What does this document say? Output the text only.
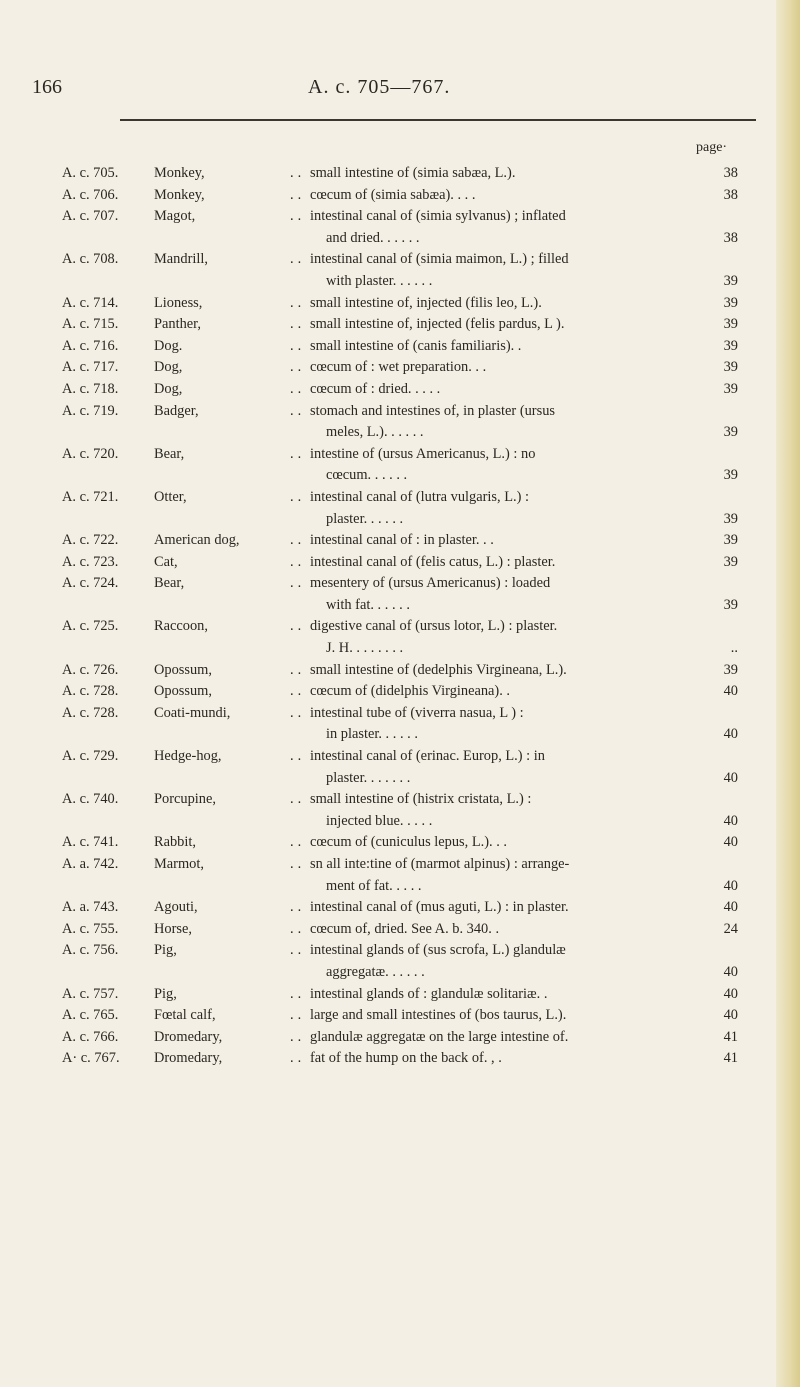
166	A. c. 705—767.
page·
A. c. 705. Monkey,	.. small intestine of (simia sabæa, L.).	38
A. c. 706. Monkey,	.. cœcum of (simia sabæa). . . .	38
A. c. 707. Magot,	.. intestinal canal of (simia sylvanus) ; inflated
and dried. . . . . .	38
A. c. 708. Mandrill,	.. intestinal canal of (simia maimon, L.) ; filled
with plaster. . . . . .	39
A. c. 714. Lioness,	.. small intestine of, injected (filis leo, L.).	39
A. c. 715. Panther,	.. small intestine of, injected (felis pardus, L ).	39
A. c. 716. Dog.	.. small intestine of (canis familiaris). .	39
A. c. 717. Dog,	.. cœcum of : wet preparation. . .	39
A. c. 718. Dog,	.. cœcum of : dried. . . . .	39
A. c. 719. Badger,	.. stomach and intestines of, in plaster (ursus
meles, L.). . . . . .	39
A. c. 720. Bear,	.. intestine of (ursus Americanus, L.) : no
cœcum. . . . . .	39
A. c. 721. Otter,	.. intestinal canal of (lutra vulgaris, L.) :
plaster. . . . . .	39
A. c. 722. American dog,	.. intestinal canal of : in plaster. . .	39
A. c. 723. Cat,	.. intestinal canal of (felis catus, L.) : plaster.	39
A. c. 724. Bear,	.. mesentery of (ursus Americanus) : loaded
with fat. . . . . .	39
A. c. 725. Raccoon,	.. digestive canal of (ursus lotor, L.) : plaster.
J. H. . . . . . . .	..
A. c. 726. Opossum,	.. small intestine of (dedelphis Virgineana, L.).	39
A. c. 728. Opossum,	.. cœcum of (didelphis Virgineana). .	40
A. c. 728. Coati-mundi,	.. intestinal tube of (viverra nasua, L ) :
in plaster. . . . . .	40
A. c. 729. Hedge-hog,	.. intestinal canal of (erinac. Europ, L.) : in
plaster. . . . . . .	40
A. c. 740. Porcupine,	.. small intestine of (histrix cristata, L.) :
injected blue. . . . .	40
A. c. 741. Rabbit,	.. cœcum of (cuniculus lepus, L.). . .	40
A. a. 742. Marmot,	.. sn all inte:tine of (marmot alpinus) : arrange-
ment of fat. . . . .	40
A. a. 743. Agouti,	.. intestinal canal of (mus aguti, L.) : in plaster.	40
A. c. 755. Horse,	.. cœcum of, dried. See A. b. 340. .	24
A. c. 756. Pig,	.. intestinal glands of (sus scrofa, L.) glandulæ
aggregatæ. . . . . .	40
A. c. 757. Pig,	.. intestinal glands of : glandulæ solitariæ. .	40
A. c. 765. Fœtal calf,	.. large and small intestines of (bos taurus, L.).	40
A. c. 766. Dromedary,	.. glandulæ aggregatæ on the large intestine of.	41
A· c. 767. Dromedary,	.. fat of the hump on the back of. , .	41
